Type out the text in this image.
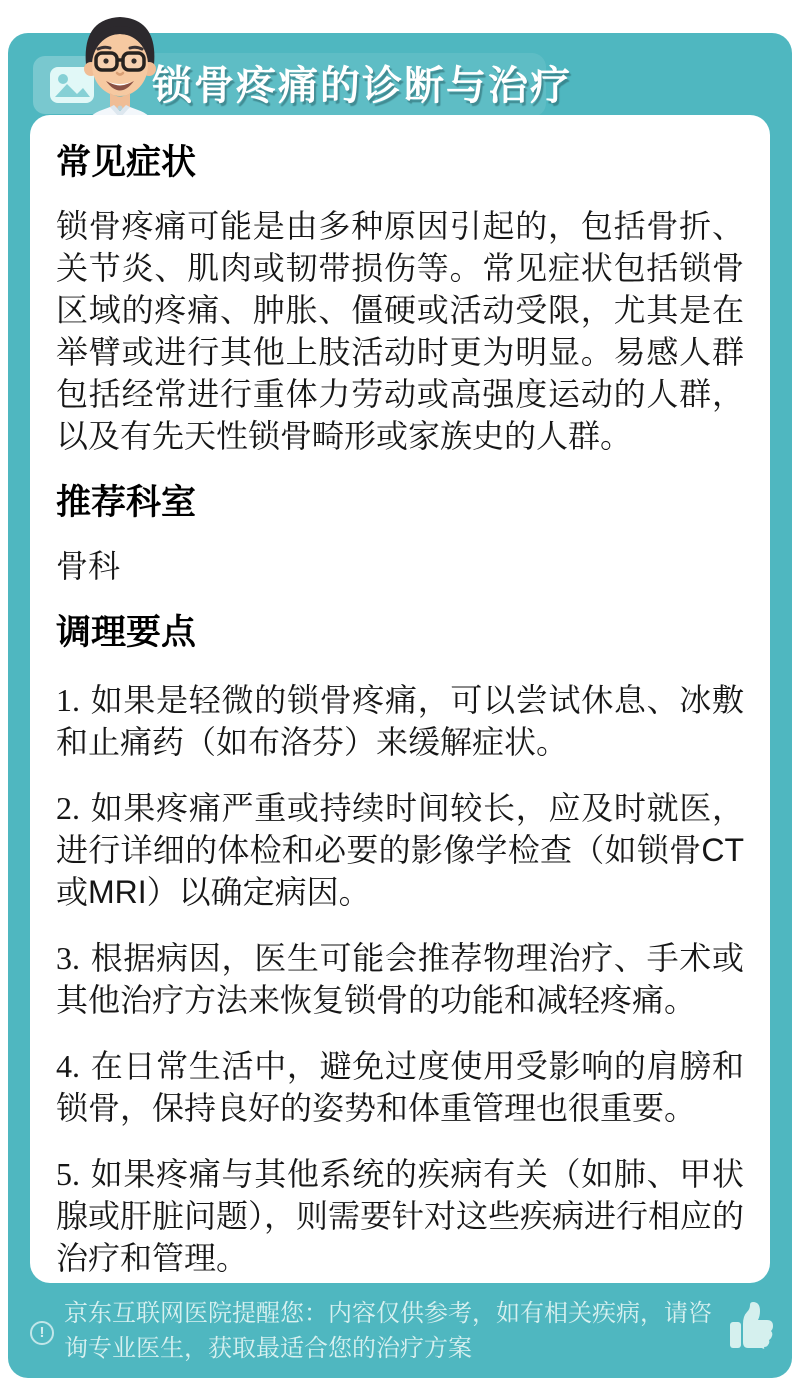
锁骨疼痛的诊断与治疗
常见症状

锁骨疼痛可能是由多种原因引起的，包括骨折、关节炎、肌肉或韧带损伤等。常见症状包括锁骨区域的疼痛、肿胀、僵硬或活动受限，尤其是在举臂或进行其他上肢活动时更为明显。易感人群包括经常进行重体力劳动或高强度运动的人群，以及有先天性锁骨畸形或家族史的人群。

推荐科室

骨科

调理要点

1. 如果是轻微的锁骨疼痛，可以尝试休息、冰敷和止痛药（如布洛芬）来缓解症状。

2. 如果疼痛严重或持续时间较长，应及时就医，进行详细的体检和必要的影像学检查（如锁骨CT或MRI）以确定病因。

3. 根据病因，医生可能会推荐物理治疗、手术或其他治疗方法来恢复锁骨的功能和减轻疼痛。

4. 在日常生活中，避免过度使用受影响的肩膀和锁骨，保持良好的姿势和体重管理也很重要。

5. 如果疼痛与其他系统的疾病有关（如肺、甲状腺或肝脏问题），则需要针对这些疾病进行相应的治疗和管理。

!
京东互联网医院提醒您：内容仅供参考，如有相关疾病，请咨询专业医生，获取最适合您的治疗方案
